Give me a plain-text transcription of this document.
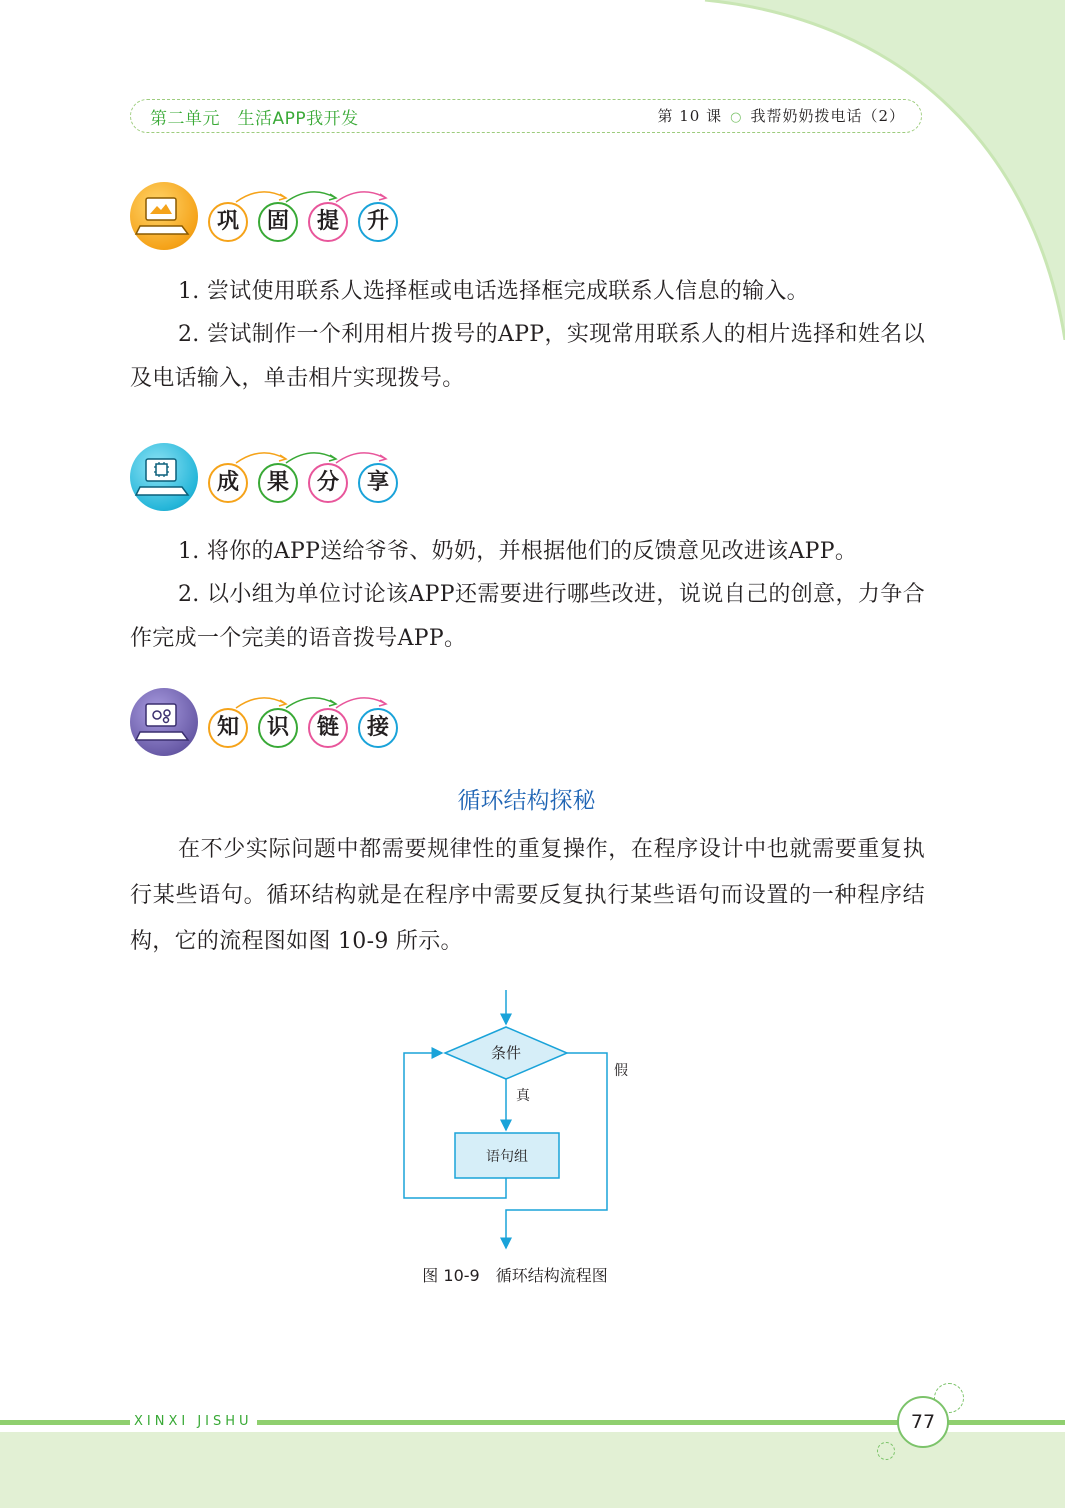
第二单元　生活APP我开发	第 10 课 ○ 我帮奶奶拨电话（2）
巩	固	提	升

1. 尝试使用联系人选择框或电话选择框完成联系人信息的输入。

2. 尝试制作一个利用相片拨号的APP，实现常用联系人的相片选择和姓名以及电话输入，单击相片实现拨号。

成	果	分	享

1. 将你的APP送给爷爷、奶奶，并根据他们的反馈意见改进该APP。

2. 以小组为单位讨论该APP还需要进行哪些改进，说说自己的创意，力争合作完成一个完美的语音拨号APP。

知	识	链	接
循环结构探秘

在不少实际问题中都需要规律性的重复操作，在程序设计中也就需要重复执行某些语句。循环结构就是在程序中需要反复执行某些语句而设置的一种程序结构，它的流程图如图 10-9 所示。

条件
真
语句组
假
图 10-9　循环结构流程图
XINXI JISHU	77
